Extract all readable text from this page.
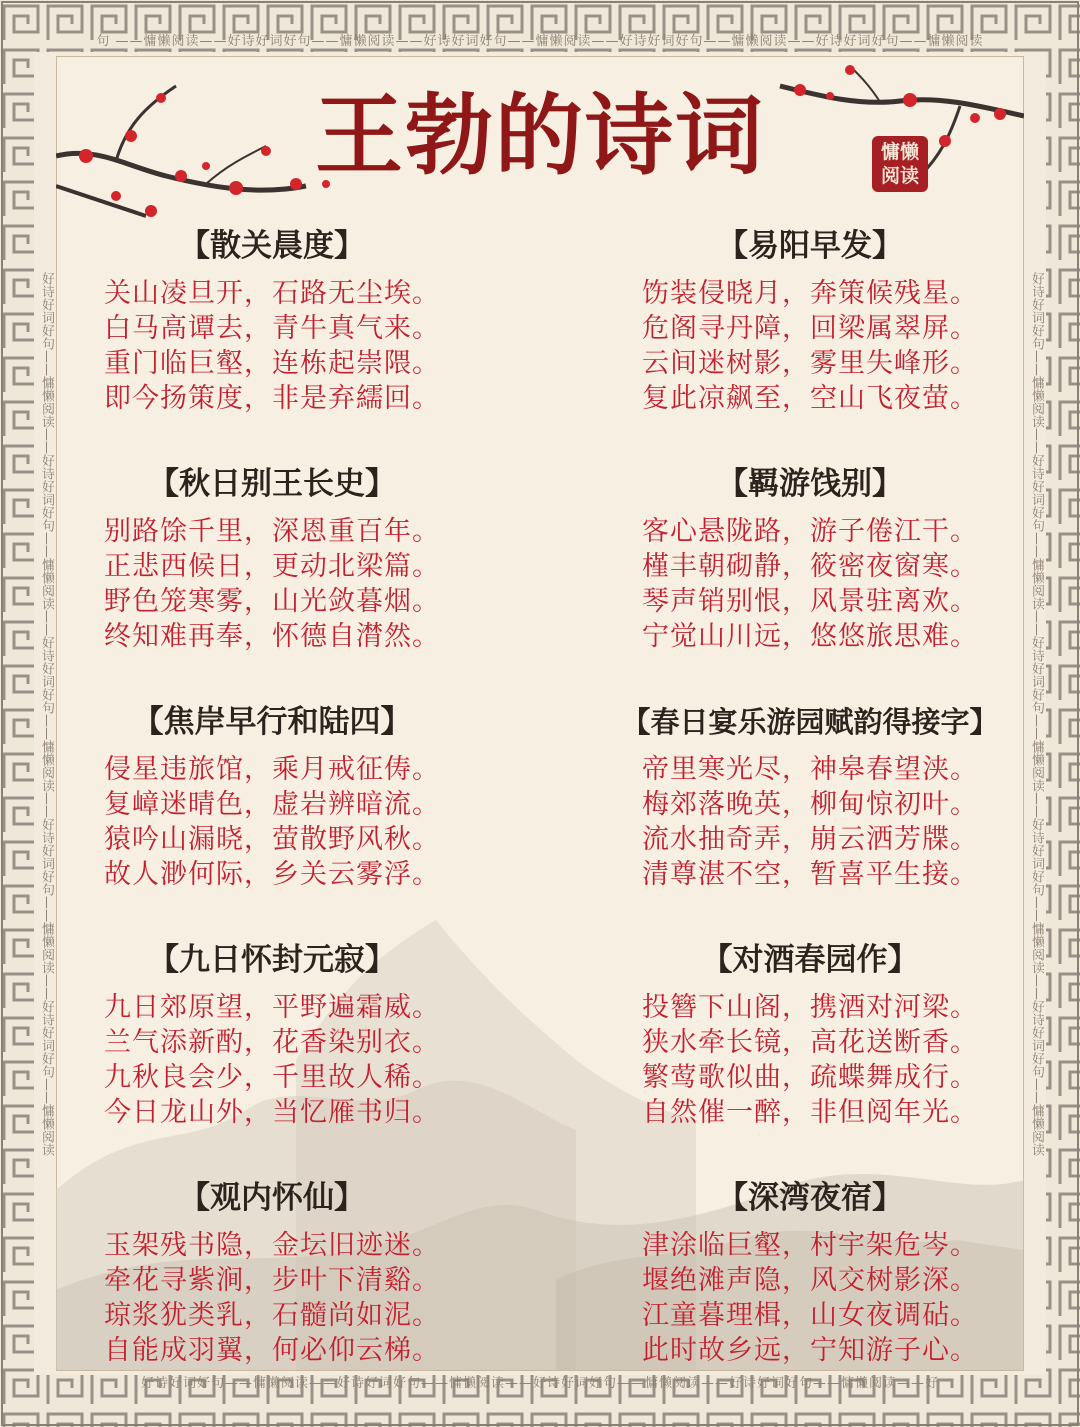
句 ——慵懒阅读——好诗好词好句——慵懒阅读——好诗好词好句——慵懒阅读——好诗好词好句——慵懒阅读——好诗好词好句——慵懒阅读
好诗好词好句——慵懒阅读——好诗好词好句——慵懒阅读——好诗好词好句——慵懒阅读——好诗好词好句——慵懒阅读——好
好诗好词好句——慵懒阅读——好诗好词好句——慵懒阅读——好诗好词好句——慵懒阅读——好诗好词好句——慵懒阅读——好诗好词好句——慵懒阅读	好诗好词好句——慵懒阅读——好诗好词好句——慵懒阅读——好诗好词好句——慵懒阅读——好诗好词好句——慵懒阅读——好诗好词好句——慵懒阅读
王勃的诗词	慵懒
阅读
【散关晨度】
关山凌旦开，石路无尘埃。
白马高谭去，青牛真气来。
重门临巨壑，连栋起崇隈。
即今扬策度，非是弃繻回。
【易阳早发】
饬装侵晓月，奔策候残星。
危阁寻丹障，回梁属翠屏。
云间迷树影，雾里失峰形。
复此凉飙至，空山飞夜萤。
【秋日别王长史】
别路馀千里，深恩重百年。
正悲西候日，更动北梁篇。
野色笼寒雾，山光敛暮烟。
终知难再奉，怀德自潸然。
【羁游饯别】
客心悬陇路，游子倦江干。
槿丰朝砌静，筱密夜窗寒。
琴声销别恨，风景驻离欢。
宁觉山川远，悠悠旅思难。
【焦岸早行和陆四】
侵星违旅馆，乘月戒征俦。
复嶂迷晴色，虚岩辨暗流。
猿吟山漏晓，萤散野风秋。
故人渺何际，乡关云雾浮。
【春日宴乐游园赋韵得接字】
帝里寒光尽，神皋春望浃。
梅郊落晚英，柳甸惊初叶。
流水抽奇弄，崩云洒芳牒。
清尊湛不空，暂喜平生接。
【九日怀封元寂】
九日郊原望，平野遍霜威。
兰气添新酌，花香染别衣。
九秋良会少，千里故人稀。
今日龙山外，当忆雁书归。
【对酒春园作】
投簪下山阁，携酒对河梁。
狭水牵长镜，高花送断香。
繁莺歌似曲，疏蝶舞成行。
自然催一醉，非但阅年光。
【观内怀仙】
玉架残书隐，金坛旧迹迷。
牵花寻紫涧，步叶下清谿。
琼浆犹类乳，石髓尚如泥。
自能成羽翼，何必仰云梯。
【深湾夜宿】
津涂临巨壑，村宇架危岑。
堰绝滩声隐，风交树影深。
江童暮理楫，山女夜调砧。
此时故乡远，宁知游子心。
